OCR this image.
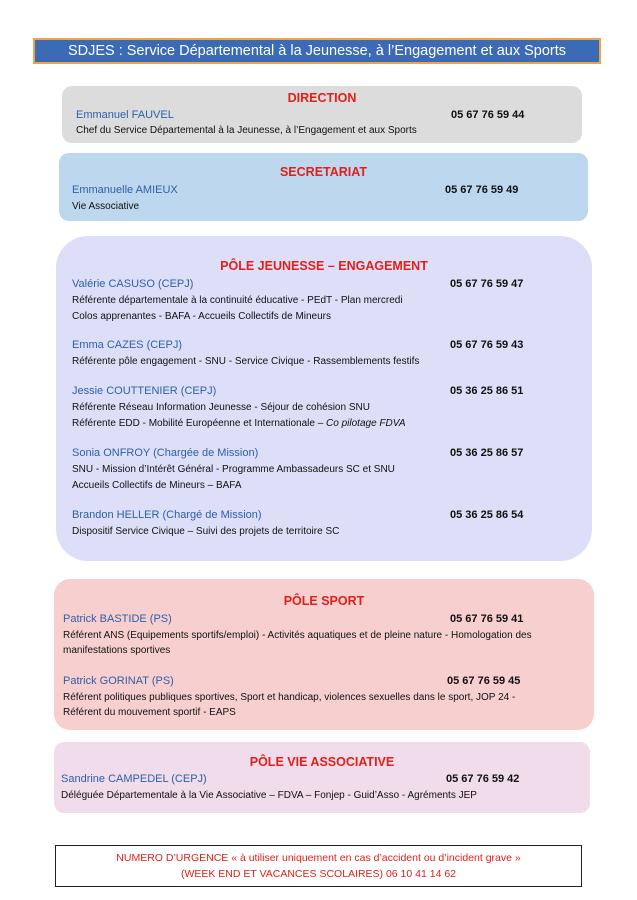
SDJES : Service Départemental à la Jeunesse, à l’Engagement et aux Sports
DIRECTION
Emmanuel FAUVEL	05 67 76 59 44
Chef du Service Départemental à la Jeunesse, à l’Engagement et aux Sports
SECRETARIAT
Emmanuelle AMIEUX	05 67 76 59 49
Vie Associative
PÔLE JEUNESSE – ENGAGEMENT
Valérie CASUSO (CEPJ)	05 67 76 59 47
Référente départementale à la continuité éducative - PEdT - Plan mercredi
Colos apprenantes - BAFA - Accueils Collectifs de Mineurs
Emma CAZES (CEPJ)	05 67 76 59 43
Référente pôle engagement - SNU - Service Civique - Rassemblements festifs
Jessie COUTTENIER (CEPJ)	05 36 25 86 51
Référente Réseau Information Jeunesse - Séjour de cohésion SNU
Référente EDD - Mobilité Européenne et Internationale – Co pilotage FDVA
Sonia ONFROY (Chargée de Mission)	05 36 25 86 57
SNU - Mission d’Intérêt Général - Programme Ambassadeurs SC et SNU
Accueils Collectifs de Mineurs – BAFA
Brandon HELLER (Chargé de Mission)	05 36 25 86 54
Dispositif Service Civique – Suivi des projets de territoire SC
PÔLE SPORT
Patrick BASTIDE (PS)	05 67 76 59 41
Référent ANS (Equipements sportifs/emploi) - Activités aquatiques et de pleine nature - Homologation des
manifestations sportives
Patrick GORINAT (PS)	05 67 76 59 45
Référent politiques publiques sportives, Sport et handicap, violences sexuelles dans le sport, JOP 24 -
Référent du mouvement sportif - EAPS
PÔLE VIE ASSOCIATIVE
Sandrine CAMPEDEL (CEPJ)	05 67 76 59 42
Déléguée Départementale à la Vie Associative – FDVA – Fonjep - Guid’Asso - Agréments JEP
NUMERO D’URGENCE « à utiliser uniquement en cas d’accident ou d’incident grave »
(WEEK END ET VACANCES SCOLAIRES) 06 10 41 14 62
